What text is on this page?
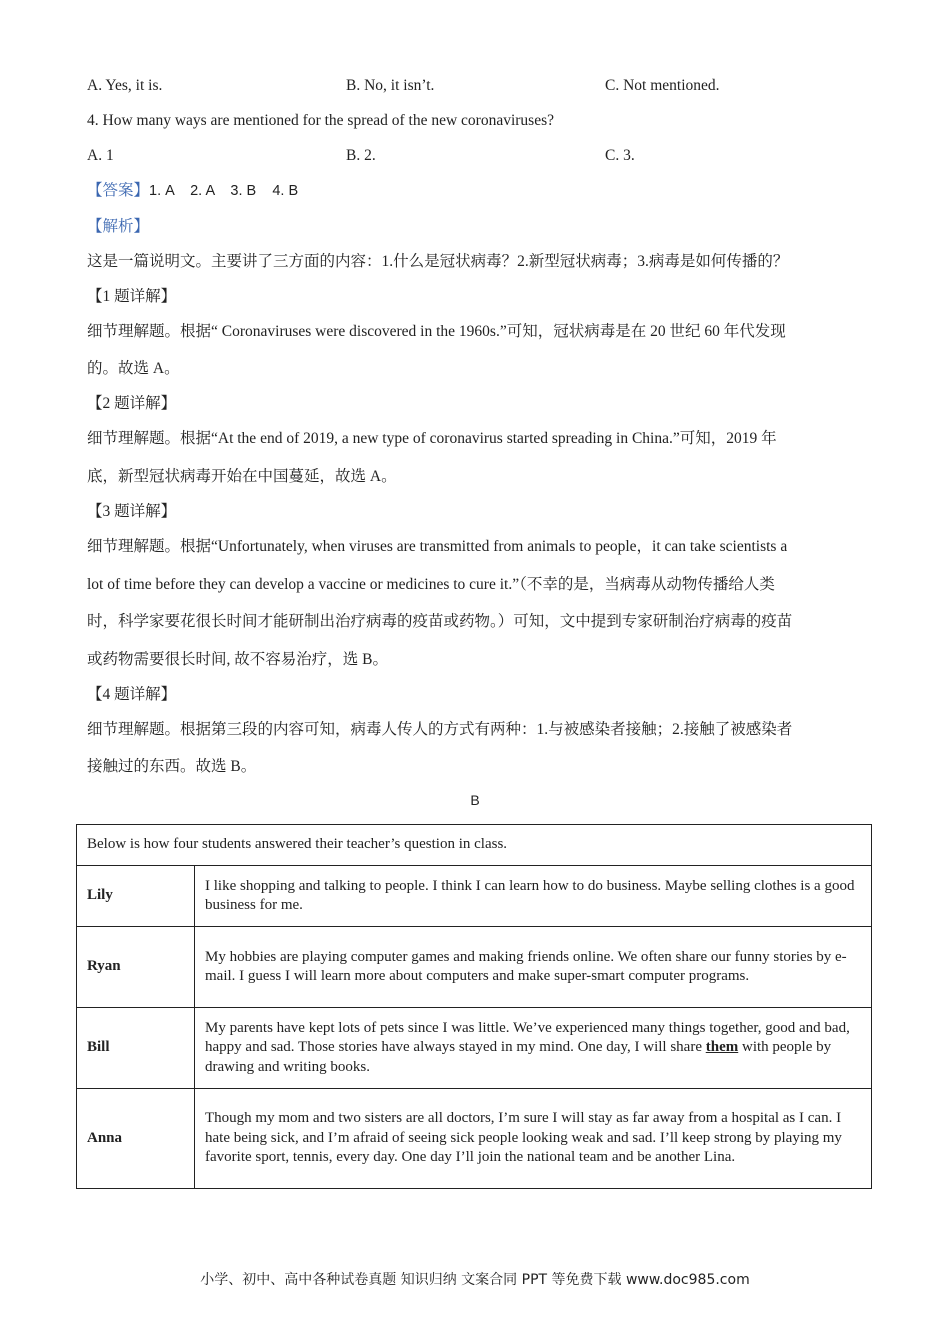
A. Yes, it is.	B. No, it isn’t.	C. Not mentioned.
4. How many ways are mentioned for the spread of the new coronaviruses?
A. 1	B. 2.	C. 3.
【答案】1. A    2. A    3. B    4. B
【解析】
这是一篇说明文。主要讲了三方面的内容：1.什么是冠状病毒？2.新型冠状病毒；3.病毒是如何传播的？
【1 题详解】
细节理解题。根据“ Coronaviruses were discovered in the 1960s.”可知，冠状病毒是在 20 世纪 60 年代发现
的。故选 A。
【2 题详解】
细节理解题。根据“At the end of 2019, a new type of coronavirus started spreading in China.”可知，2019 年
底，新型冠状病毒开始在中国蔓延，故选 A。
【3 题详解】
细节理解题。根据“Unfortunately, when viruses are transmitted from animals to people，it can take scientists a
lot of time before they can develop a vaccine or medicines to cure it.”（不幸的是，当病毒从动物传播给人类
时，科学家要花很长时间才能研制出治疗病毒的疫苗或药物。）可知，文中提到专家研制治疗病毒的疫苗
或药物需要很长时间, 故不容易治疗，选 B。
【4 题详解】
细节理解题。根据第三段的内容可知，病毒人传人的方式有两种：1.与被感染者接触；2.接触了被感染者
接触过的东西。故选 B。
B
Below is how four students answered their teacher’s question in class.	
Lily	I like shopping and talking to people. I think I can learn how to do business. Maybe selling clothes is a good business for me.
Ryan	My hobbies are playing computer games and making friends online. We often share our funny stories by e-mail. I guess I will learn more about computers and make super-smart computer programs.
Bill	My parents have kept lots of pets since I was little. We’ve experienced many things together, good and bad, happy and sad. Those stories have always stayed in my mind. One day, I will share them with people by drawing and writing books.
Anna	Though my mom and two sisters are all doctors, I’m sure I will stay as far away from a hospital as I can. I hate being sick, and I’m afraid of seeing sick people looking weak and sad. I’ll keep strong by playing my favorite sport, tennis, every day. One day I’ll join the national team and be another Lina.
小学、初中、高中各种试卷真题 知识归纳 文案合同 PPT 等免费下载 www.doc985.com
